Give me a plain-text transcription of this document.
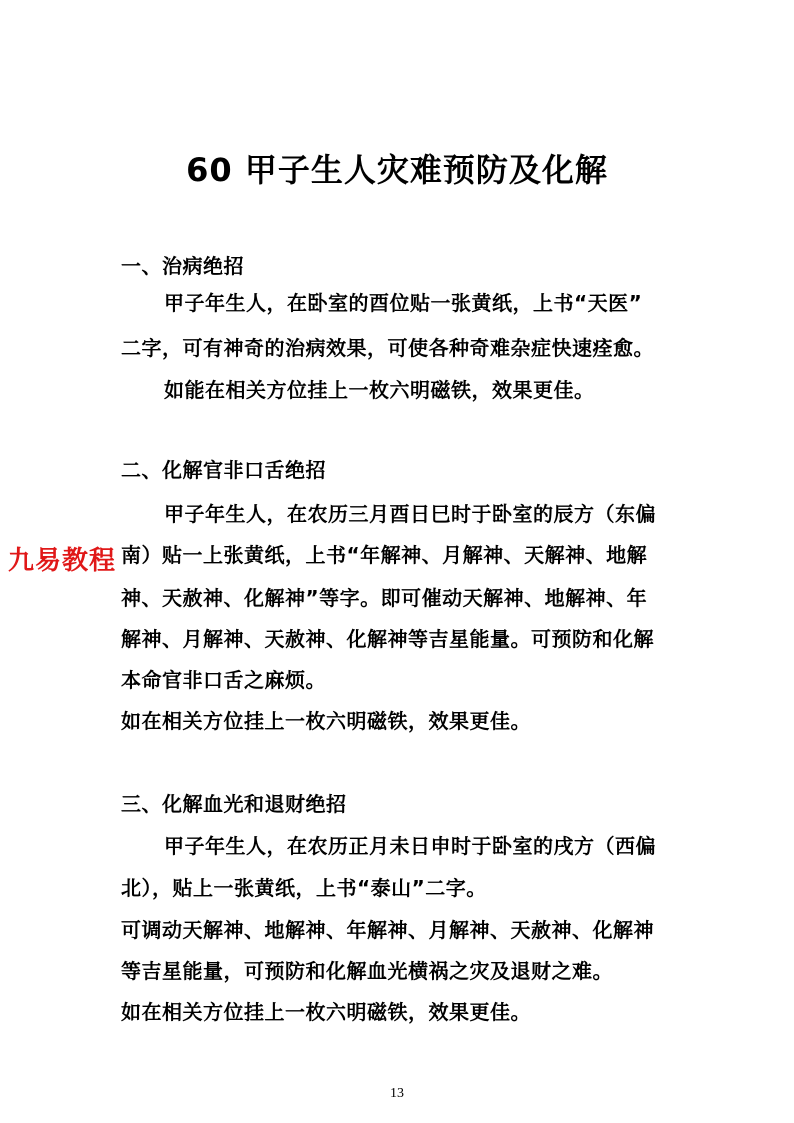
60 甲子生人灾难预防及化解
一、治病绝招
甲子年生人，在卧室的酉位贴一张黄纸，上书“天医”
二字，可有神奇的治病效果，可使各种奇难杂症快速痊愈。
如能在相关方位挂上一枚六明磁铁，效果更佳。
二、化解官非口舌绝招
甲子年生人，在农历三月酉日巳时于卧室的辰方（东偏
南）贴一上张黄纸，上书“年解神、月解神、天解神、地解
神、天赦神、化解神”等字。即可催动天解神、地解神、年
解神、月解神、天赦神、化解神等吉星能量。可预防和化解
本命官非口舌之麻烦。
如在相关方位挂上一枚六明磁铁，效果更佳。
三、化解血光和退财绝招
甲子年生人，在农历正月未日申时于卧室的戌方（西偏
北），贴上一张黄纸，上书“泰山”二字。
可调动天解神、地解神、年解神、月解神、天赦神、化解神
等吉星能量，可预防和化解血光横祸之灾及退财之难。
如在相关方位挂上一枚六明磁铁，效果更佳。
九易教程
13
